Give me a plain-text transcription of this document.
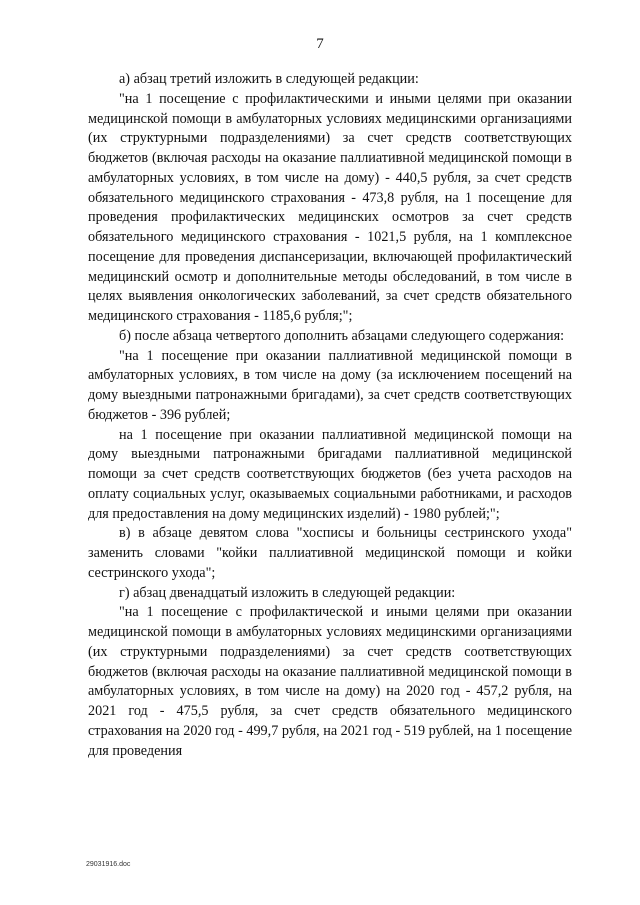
7

а) абзац третий изложить в следующей редакции:

"на 1 посещение с профилактическими и иными целями при оказании медицинской помощи в амбулаторных условиях медицинскими организациями (их структурными подразделениями) за счет средств соответствующих бюджетов (включая расходы на оказание паллиативной медицинской помощи в амбулаторных условиях, в том числе на дому) - 440,5 рубля, за счет средств обязательного медицинского страхования - 473,8 рубля, на 1 посещение для проведения профилактических медицинских осмотров за счет средств обязательного медицинского страхования - 1021,5 рубля, на 1 комплексное посещение для проведения диспансеризации, включающей профилактический медицинский осмотр и дополнительные методы обследований, в том числе в целях выявления онкологических заболеваний, за счет средств обязательного медицинского страхования - 1185,6 рубля;";

б) после абзаца четвертого дополнить абзацами следующего содержания:

"на 1 посещение при оказании паллиативной медицинской помощи в амбулаторных условиях, в том числе на дому (за исключением посещений на дому выездными патронажными бригадами), за счет средств соответствующих бюджетов - 396 рублей;

на 1 посещение при оказании паллиативной медицинской помощи на дому выездными патронажными бригадами паллиативной медицинской помощи за счет средств соответствующих бюджетов (без учета расходов на оплату социальных услуг, оказываемых социальными работниками, и расходов для предоставления на дому медицинских изделий) - 1980 рублей;";

в) в абзаце девятом слова "хосписы и больницы сестринского ухода" заменить словами "койки паллиативной медицинской помощи и койки сестринского ухода";

г) абзац двенадцатый изложить в следующей редакции:

"на 1 посещение с профилактической и иными целями при оказании медицинской помощи в амбулаторных условиях медицинскими организациями (их структурными подразделениями) за счет средств соответствующих бюджетов (включая расходы на оказание паллиативной медицинской помощи в амбулаторных условиях, в том числе на дому) на 2020 год - 457,2 рубля, на 2021 год - 475,5 рубля, за счет средств обязательного медицинского страхования на 2020 год - 499,7 рубля, на 2021 год - 519 рублей, на 1 посещение для проведения

29031916.doc
